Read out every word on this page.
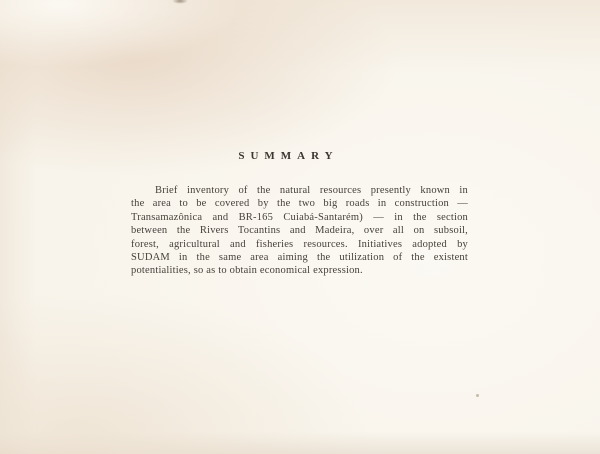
SUMMARY
Brief inventory of the natural resources presently known in
the area to be covered by the two big roads in construction —
Transamazônica and BR-165 Cuiabá-Santarém) — in the section
between the Rivers Tocantins and Madeira, over all on subsoil,
forest, agricultural and fisheries resources. Initiatives adopted by
SUDAM in the same area aiming the utilization of the existent
potentialities, so as to obtain economical expression.
